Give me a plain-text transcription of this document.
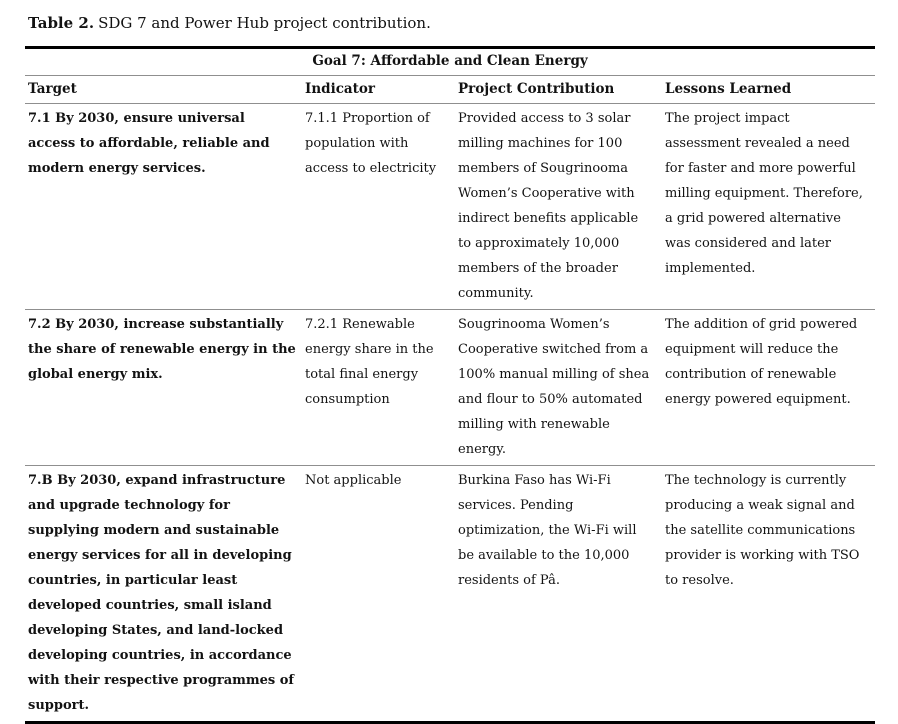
Table 2. SDG 7 and Power Hub project contribution.

Goal 7: Affordable and Clean Energy			
Target	Indicator	Project Contribution	Lessons Learned
7.1 By 2030, ensure universal access to affordable, reliable and modern energy services.	7.1.1 Proportion of population with access to electricity	Provided access to 3 solar milling machines for 100 members of Sougrinooma Women’s Cooperative with indirect benefits applicable to approximately 10,000 members of the broader community.	The project impact assessment revealed a need for faster and more powerful milling equipment. Therefore, a grid powered alternative was considered and later implemented.
7.2 By 2030, increase substantially the share of renewable energy in the global energy mix.	7.2.1 Renewable energy share in the total final energy consumption	Sougrinooma Women’s Cooperative switched from a 100% manual milling of shea and flour to 50% automated milling with renewable energy.	The addition of grid powered equipment will reduce the contribution of renewable energy powered equipment.
7.B By 2030, expand infrastructure and upgrade technology for supplying modern and sustainable energy services for all in developing countries, in particular least developed countries, small island developing States, and land-locked developing countries, in accordance with their respective programmes of support.	Not applicable	Burkina Faso has Wi-Fi services. Pending optimization, the Wi-Fi will be available to the 10,000 residents of Pâ.	The technology is currently producing a weak signal and the satellite communications provider is working with TSO to resolve.
